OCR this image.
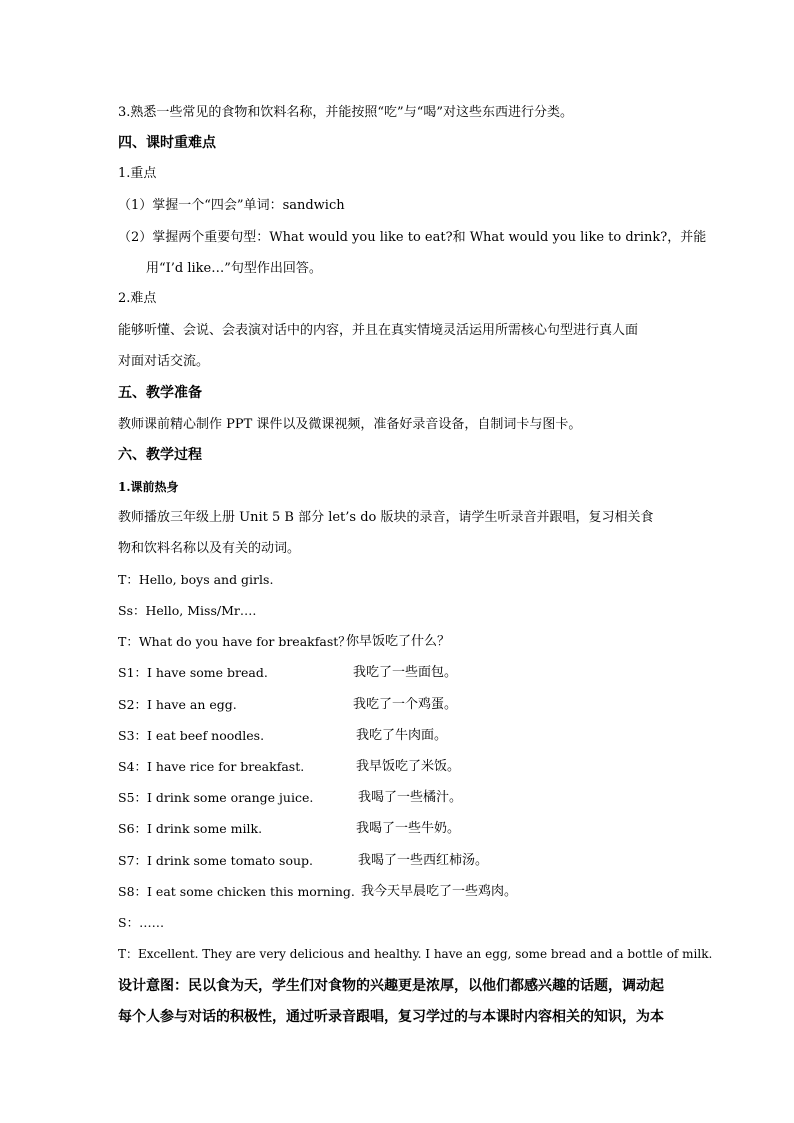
3.熟悉一些常见的食物和饮料名称，并能按照“吃”与“喝”对这些东西进行分类。
四、课时重难点
1.重点
（1）掌握一个“四会”单词：sandwich
（2）掌握两个重要句型：What would you like to eat?和 What would you like to drink?，并能
用“I’d like…”句型作出回答。
2.难点
能够听懂、会说、会表演对话中的内容，并且在真实情境灵活运用所需核心句型进行真人面
对面对话交流。
五、教学准备
教师课前精心制作 PPT 课件以及微课视频，准备好录音设备，自制词卡与图卡。
六、教学过程
1.课前热身
教师播放三年级上册 Unit 5 B 部分 let’s do 版块的录音，请学生听录音并跟唱，复习相关食
物和饮料名称以及有关的动词。
T：Hello, boys and girls.
Ss：Hello, Miss/Mr….
T：What do you have for breakfast？
你早饭吃了什么？
S1：I have some bread.	我吃了一些面包。
S2：I have an egg.	我吃了一个鸡蛋。
S3：I eat beef noodles.	我吃了牛肉面。
S4：I have rice for breakfast.	我早饭吃了米饭。
S5：I drink some orange juice.	我喝了一些橘汁。
S6：I drink some milk.	我喝了一些牛奶。
S7：I drink some tomato soup.	我喝了一些西红柿汤。
S8：I eat some chicken this morning. 我今天早晨吃了一些鸡肉。
S：……
T：Excellent. They are very delicious and healthy. I have an egg, some bread and a bottle of milk.
设计意图：民以食为天，学生们对食物的兴趣更是浓厚，以他们都感兴趣的话题，调动起
每个人参与对话的积极性，通过听录音跟唱，复习学过的与本课时内容相关的知识，为本
